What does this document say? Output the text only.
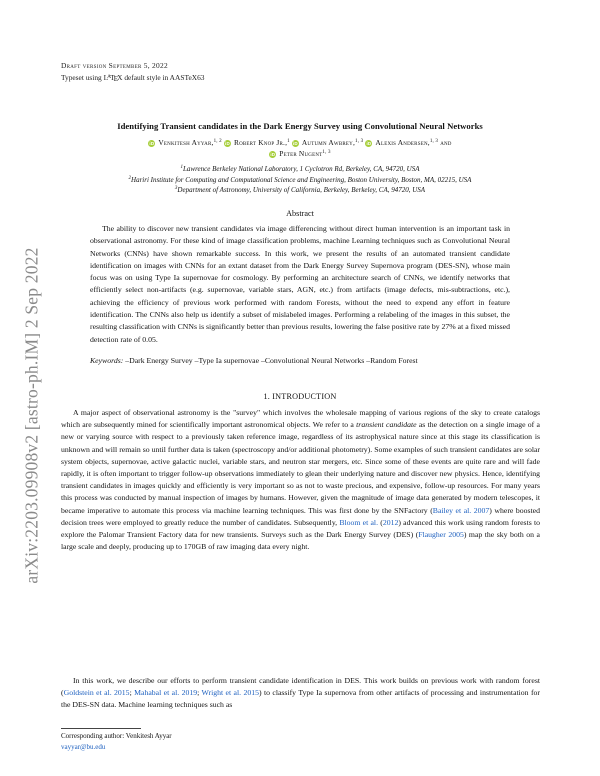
arXiv:2203.09908v2 [astro-ph.IM] 2 Sep 2022
Draft version September 5, 2022
Typeset using $L^ATEX$ default style in AASTeX63
Identifying Transient candidates in the Dark Energy Survey using Convolutional Neural Networks
iD Venkitesh Ayyar,$^{1, 2}$ iD Robert Knop Jr.,$^1$ iD Autumn Awbrey,$^{1, 3}$ iD Alexis Andersen,$^{1, 3}$ and
iD Peter Nugent$^{1, 3}$
$^1$Lawrence Berkeley National Laboratory, 1 Cyclotron Rd, Berkeley, CA, 94720, USA
$^2$Hariri Institute for Computing and Computational Science and Engineering, Boston University, Boston, MA, 02215, USA
$^3$Department of Astronomy, University of California, Berkeley, Berkeley, CA, 94720, USA
Abstract

The ability to discover new transient candidates via image differencing without direct human intervention is an important task in observational astronomy. For these kind of image classification problems, machine Learning techniques such as Convolutional Neural Networks (CNNs) have shown remarkable success. In this work, we present the results of an automated transient candidate identification on images with CNNs for an extant dataset from the Dark Energy Survey Supernova program (DES-SN), whose main focus was on using Type Ia supernovae for cosmology. By performing an architecture search of CNNs, we identify networks that efficiently select non-artifacts (e.g. supernovae, variable stars, AGN, etc.) from artifacts (image defects, mis-subtractions, etc.), achieving the efficiency of previous work performed with random Forests, without the need to expend any effort in feature identification. The CNNs also help us identify a subset of mislabeled images. Performing a relabeling of the images in this subset, the resulting classification with CNNs is significantly better than previous results, lowering the false positive rate by 27% at a fixed missed detection rate of 0.05.

Keywords: –Dark Energy Survey –Type Ia supernovae –Convolutional Neural Networks –Random Forest
1. INTRODUCTION

A major aspect of observational astronomy is the "survey" which involves the wholesale mapping of various regions of the sky to create catalogs which are subsequently mined for scientifically important astronomical objects. We refer to a transient candidate as the detection on a single image of a new or varying source with respect to a previously taken reference image, regardless of its astrophysical nature since at this stage its classification is unknown and will remain so until further data is taken (spectroscopy and/or additional photometry). Some examples of such transient candidates are solar system objects, supernovae, active galactic nuclei, variable stars, and neutron star mergers, etc. Since some of these events are quite rare and will fade rapidly, it is often important to trigger follow-up observations immediately to glean their underlying nature and discover new physics. Hence, identifying transient candidates in images quickly and efficiently is very important so as not to waste precious, and expensive, follow-up resources. For many years this process was conducted by manual inspection of images by humans. However, given the magnitude of image data generated by modern telescopes, it became imperative to automate this process via machine learning techniques. This was first done by the SNFactory (Bailey et al. 2007) where boosted decision trees were employed to greatly reduce the number of candidates. Subsequently, Bloom et al. (2012) advanced this work using random forests to explore the Palomar Transient Factory data for new transients. Surveys such as the Dark Energy Survey (DES) (Flaugher 2005) map the sky both on a large scale and deeply, producing up to 170GB of raw imaging data every night.

In this work, we describe our efforts to perform transient candidate identification in DES. This work builds on previous work with random forest (Goldstein et al. 2015; Mahabal et al. 2019; Wright et al. 2015) to classify Type Ia supernova from other artifacts of processing and instrumentation for the DES-SN data. Machine learning techniques such as

Corresponding author: Venkitesh Ayyar
vayyar@bu.edu
